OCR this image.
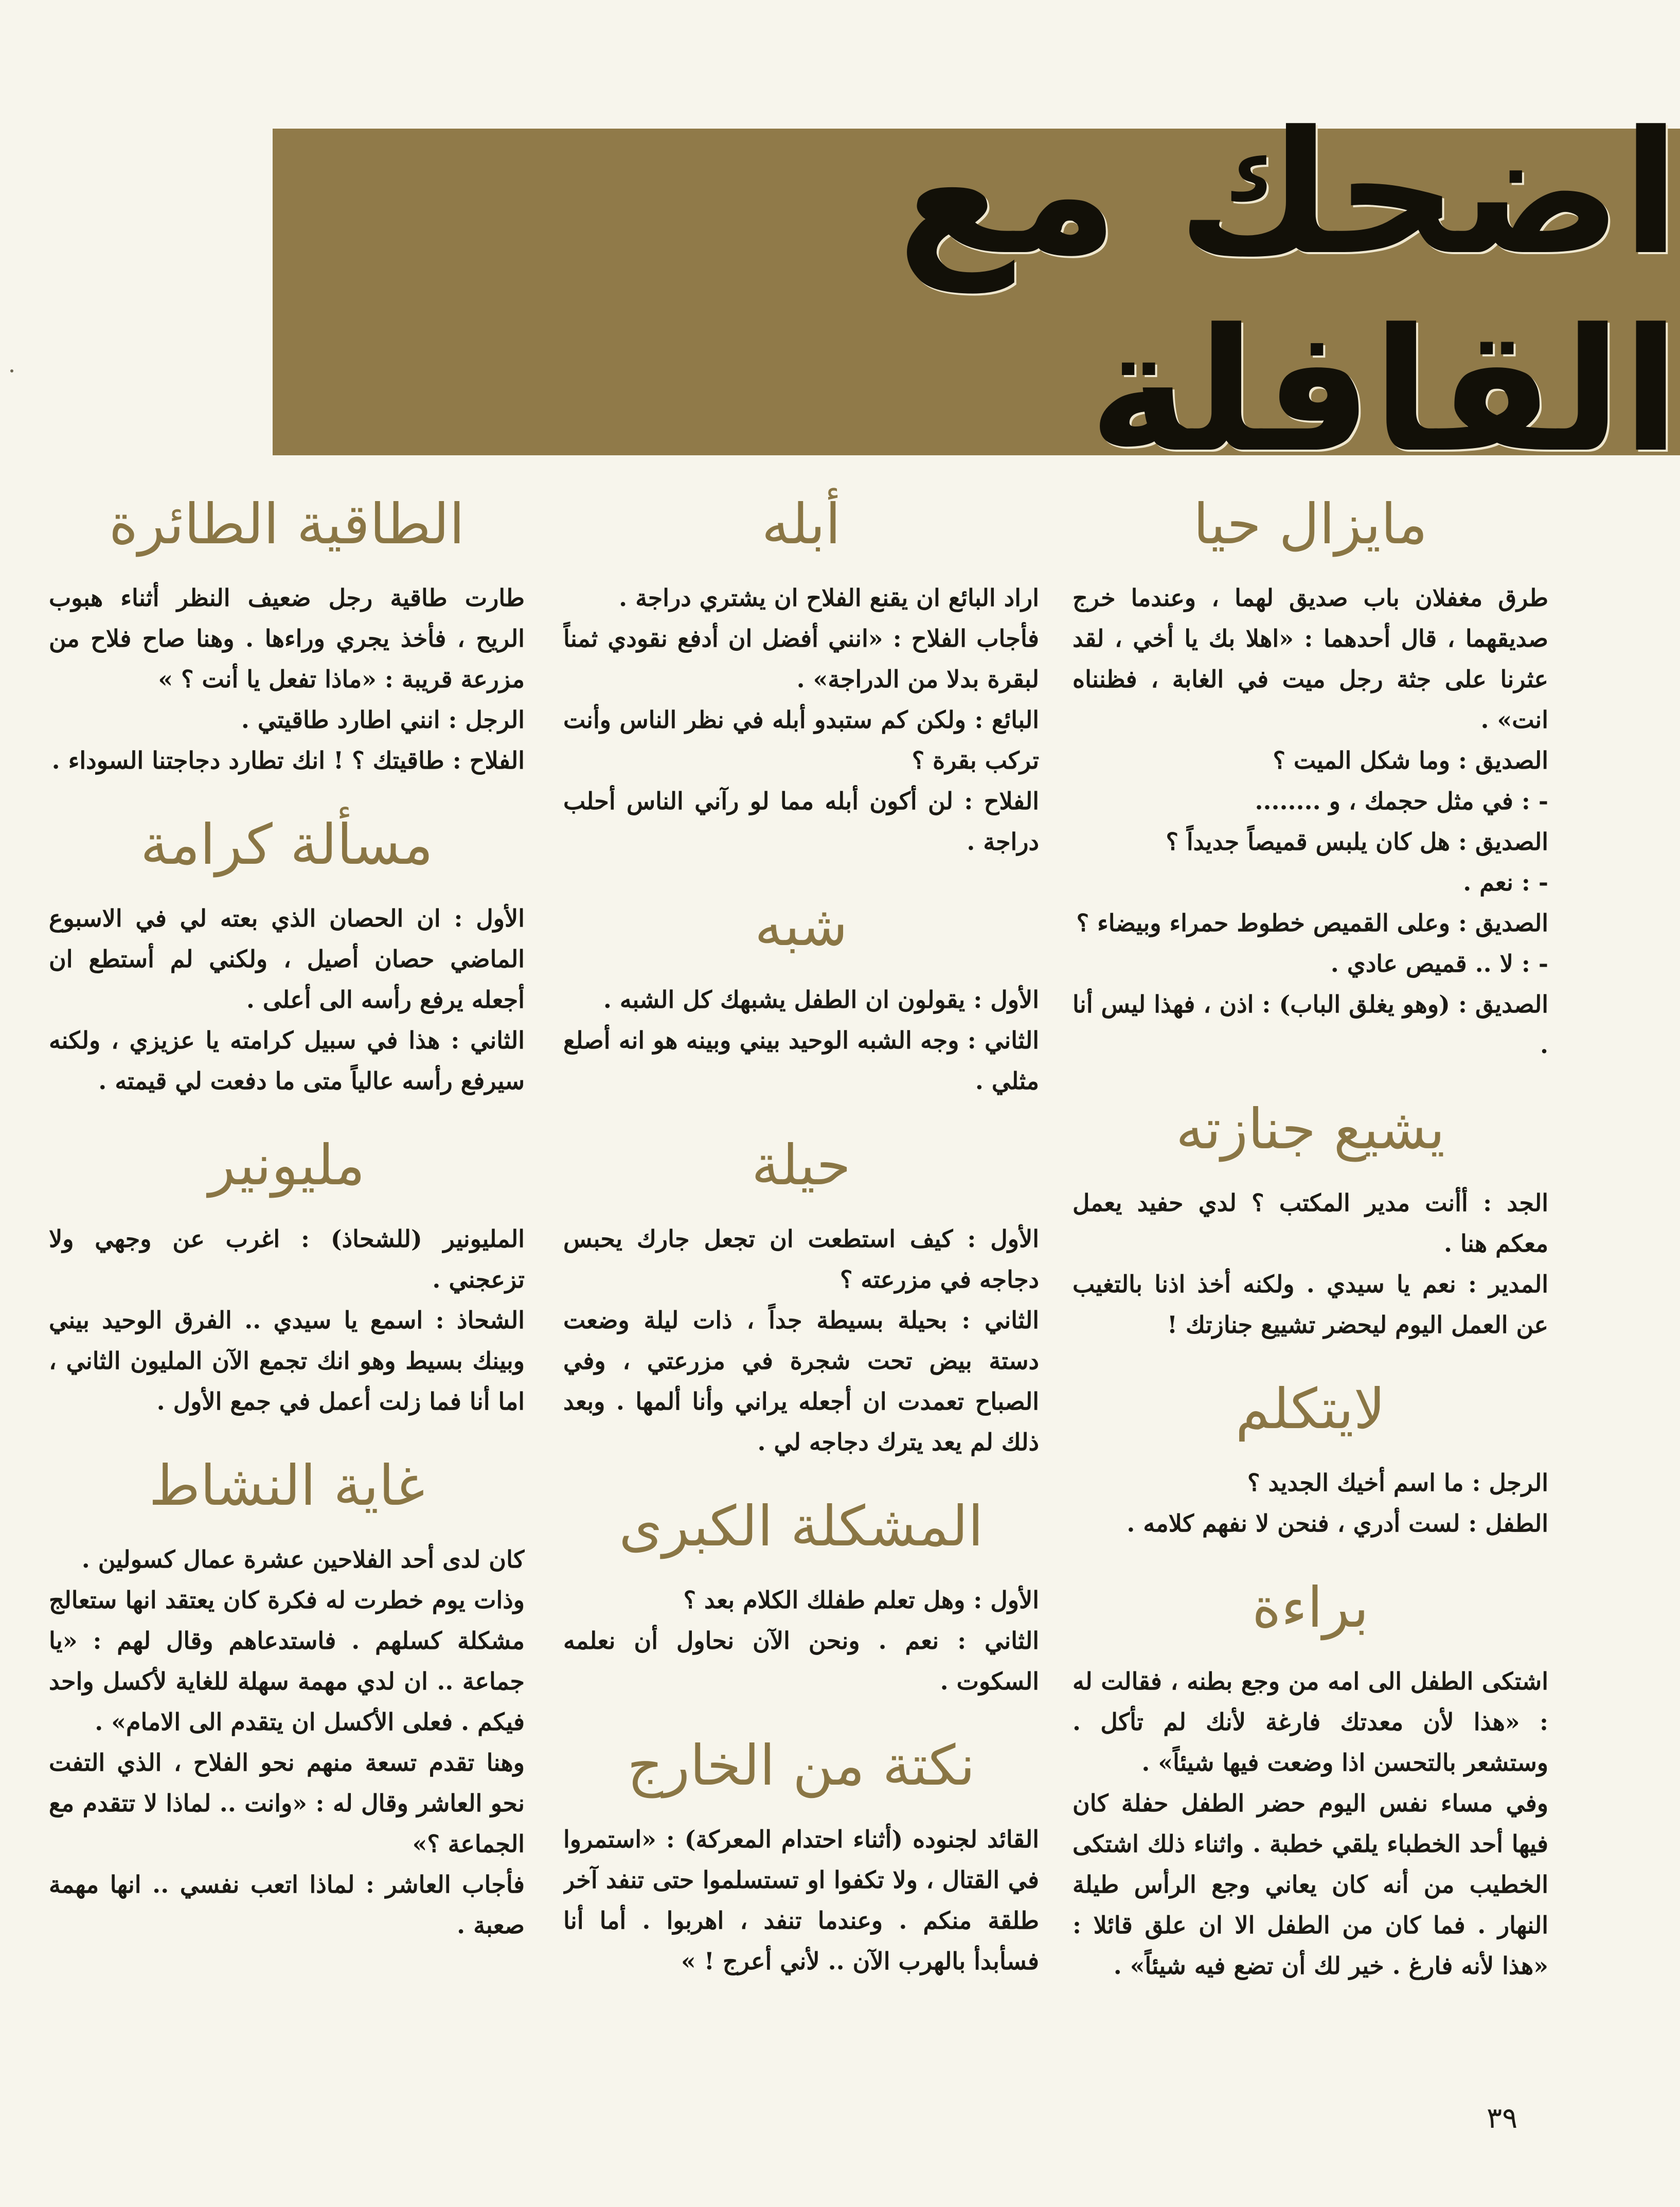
اضحك مع القافلة
مايزال حيا

طرق مغفلان باب صديق لهما ، وعندما خرج صديقهما ، قال أحدهما : «اهلا بك يا أخي ، لقد عثرنا على جثة رجل ميت في الغابة ، فظنناه انت» .

الصديق : وما شكل الميت ؟

- : في مثل حجمك ، و ........

الصديق : هل كان يلبس قميصاً جديداً ؟

- : نعم .

الصديق : وعلى القميص خطوط حمراء وبيضاء ؟

- : لا .. قميص عادي .

الصديق : (وهو يغلق الباب) : اذن ، فهذا ليس أنا .

يشيع جنازته

الجد : أأنت مدير المكتب ؟ لدي حفيد يعمل معكم هنا .

المدير : نعم يا سيدي . ولكنه أخذ اذنا بالتغيب عن العمل اليوم ليحضر تشييع جنازتك !

لايتكلم

الرجل : ما اسم أخيك الجديد ؟

الطفل : لست أدري ، فنحن لا نفهم كلامه .

براءة

اشتكى الطفل الى امه من وجع بطنه ، فقالت له : «هذا لأن معدتك فارغة لأنك لم تأكل . وستشعر بالتحسن اذا وضعت فيها شيئاً» .

وفي مساء نفس اليوم حضر الطفل حفلة كان فيها أحد الخطباء يلقي خطبة . واثناء ذلك اشتكى الخطيب من أنه كان يعاني وجع الرأس طيلة النهار . فما كان من الطفل الا ان علق قائلا : «هذا لأنه فارغ . خير لك أن تضع فيه شيئاً» .

أبله

اراد البائع ان يقنع الفلاح ان يشتري دراجة .

فأجاب الفلاح : «انني أفضل ان أدفع نقودي ثمناً لبقرة بدلا من الدراجة» .

البائع : ولكن كم ستبدو أبله في نظر الناس وأنت تركب بقرة ؟

الفلاح : لن أكون أبله مما لو رآني الناس أحلب دراجة .

شبه

الأول : يقولون ان الطفل يشبهك كل الشبه .

الثاني : وجه الشبه الوحيد بيني وبينه هو انه أصلع مثلي .

حيلة

الأول : كيف استطعت ان تجعل جارك يحبس دجاجه في مزرعته ؟

الثاني : بحيلة بسيطة جداً ، ذات ليلة وضعت دستة بيض تحت شجرة في مزرعتي ، وفي الصباح تعمدت ان أجعله يراني وأنا ألمها . وبعد ذلك لم يعد يترك دجاجه لي .

المشكلة الكبرى

الأول : وهل تعلم طفلك الكلام بعد ؟

الثاني : نعم . ونحن الآن نحاول أن نعلمه السكوت .

نكتة من الخارج

القائد لجنوده (أثناء احتدام المعركة) : «استمروا في القتال ، ولا تكفوا او تستسلموا حتى تنفد آخر طلقة منكم . وعندما تنفد ، اهربوا . أما أنا فسأبدأ بالهرب الآن .. لأني أعرج ! »

الطاقية الطائرة

طارت طاقية رجل ضعيف النظر أثناء هبوب الريح ، فأخذ يجري وراءها . وهنا صاح فلاح من مزرعة قريبة : «ماذا تفعل يا أنت ؟ »

الرجل : انني اطارد طاقيتي .

الفلاح : طاقيتك ؟ ! انك تطارد دجاجتنا السوداء .

مسألة كرامة

الأول : ان الحصان الذي بعته لي في الاسبوع الماضي حصان أصيل ، ولكني لم أستطع ان أجعله يرفع رأسه الى أعلى .

الثاني : هذا في سبيل كرامته يا عزيزي ، ولكنه سيرفع رأسه عالياً متى ما دفعت لي قيمته .

مليونير

المليونير (للشحاذ) : اغرب عن وجهي ولا تزعجني .

الشحاذ : اسمع يا سيدي .. الفرق الوحيد بيني وبينك بسيط وهو انك تجمع الآن المليون الثاني ، اما أنا فما زلت أعمل في جمع الأول .

غاية النشاط

كان لدى أحد الفلاحين عشرة عمال كسولين .

وذات يوم خطرت له فكرة كان يعتقد انها ستعالج مشكلة كسلهم . فاستدعاهم وقال لهم : «يا جماعة .. ان لدي مهمة سهلة للغاية لأكسل واحد فيكم . فعلى الأكسل ان يتقدم الى الامام» .

وهنا تقدم تسعة منهم نحو الفلاح ، الذي التفت نحو العاشر وقال له : «وانت .. لماذا لا تتقدم مع الجماعة ؟»

فأجاب العاشر : لماذا اتعب نفسي .. انها مهمة صعبة .

٣٩
